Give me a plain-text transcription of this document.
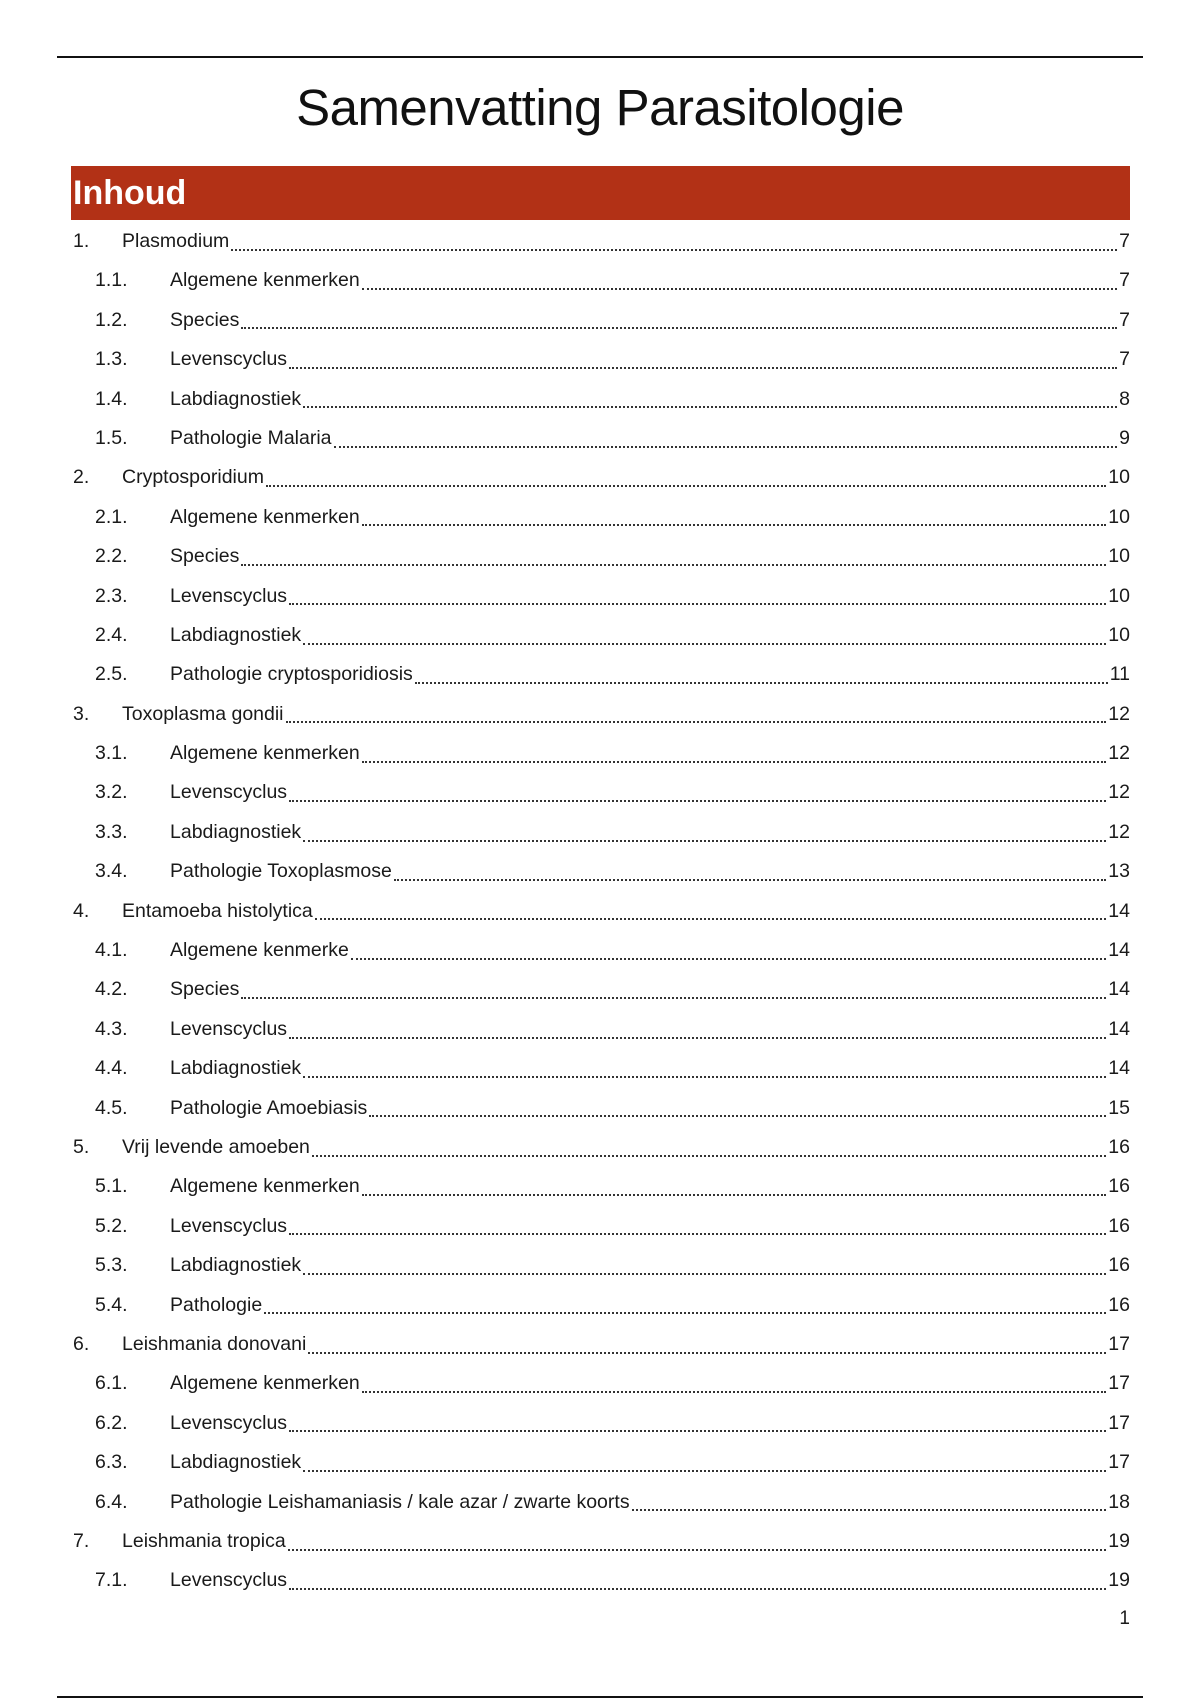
Samenvatting Parasitologie
Inhoud
1.	Plasmodium	7
1.1.	Algemene kenmerken	7
1.2.	Species	7
1.3.	Levenscyclus	7
1.4.	Labdiagnostiek	8
1.5.	Pathologie Malaria	9
2.	Cryptosporidium	10
2.1.	Algemene kenmerken	10
2.2.	Species	10
2.3.	Levenscyclus	10
2.4.	Labdiagnostiek	10
2.5.	Pathologie cryptosporidiosis	11
3.	Toxoplasma gondii	12
3.1.	Algemene kenmerken	12
3.2.	Levenscyclus	12
3.3.	Labdiagnostiek	12
3.4.	Pathologie Toxoplasmose	13
4.	Entamoeba histolytica	14
4.1.	Algemene kenmerke	14
4.2.	Species	14
4.3.	Levenscyclus	14
4.4.	Labdiagnostiek	14
4.5.	Pathologie Amoebiasis	15
5.	Vrij levende amoeben	16
5.1.	Algemene kenmerken	16
5.2.	Levenscyclus	16
5.3.	Labdiagnostiek	16
5.4.	Pathologie	16
6.	Leishmania donovani	17
6.1.	Algemene kenmerken	17
6.2.	Levenscyclus	17
6.3.	Labdiagnostiek	17
6.4.	Pathologie Leishamaniasis / kale azar / zwarte koorts	18
7.	Leishmania tropica	19
7.1.	Levenscyclus	19
1
